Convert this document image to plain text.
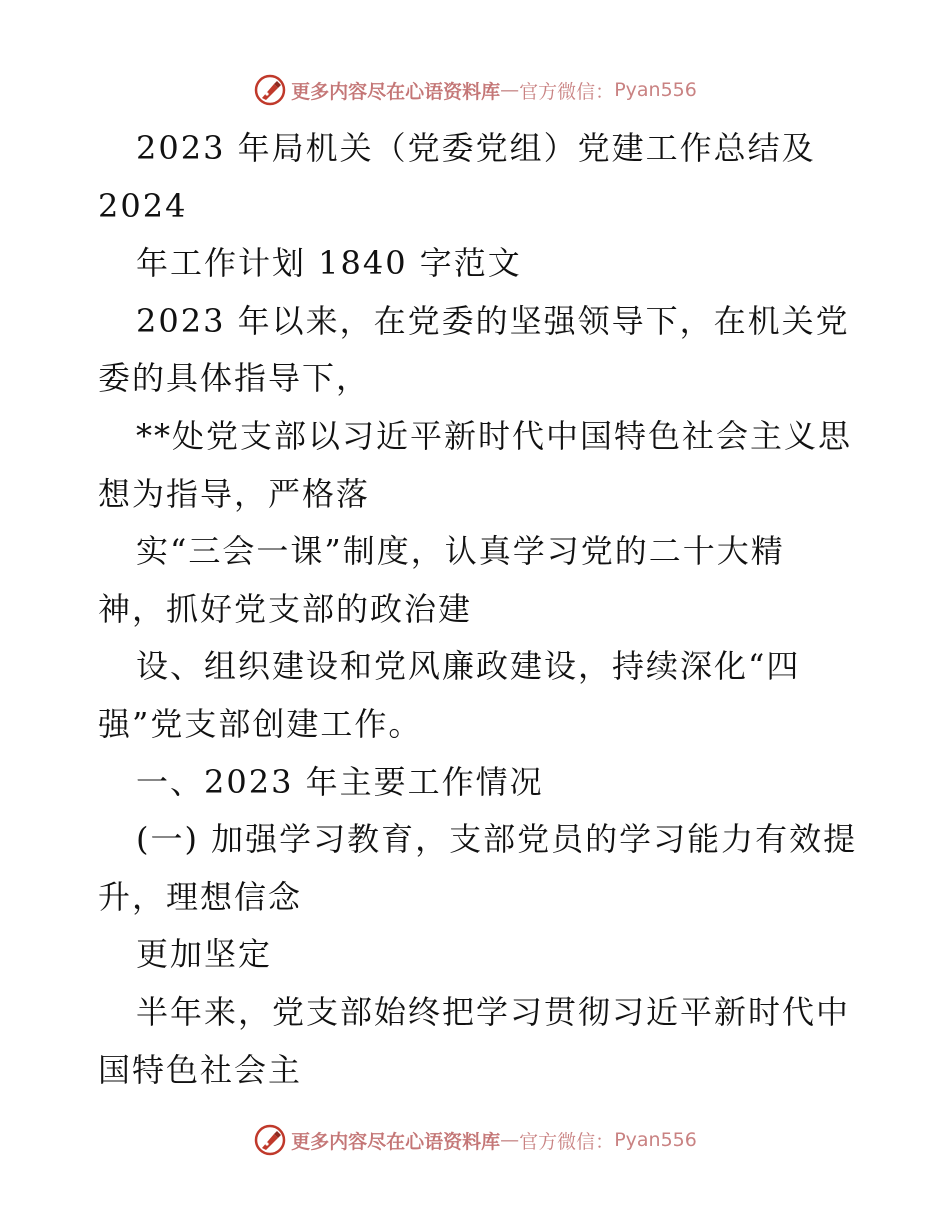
更多内容尽在心语资料库 — 官方微信： Pyan556
2023 年局机关（党委党组）党建工作总结及
2024
年工作计划 1840 字范文
2023 年以来，在党委的坚强领导下，在机关党
委的具体指导下，
**处党支部以习近平新时代中国特色社会主义思
想为指导，严格落
实“三会一课”制度，认真学习党的二十大精
神，抓好党支部的政治建
设、组织建设和党风廉政建设，持续深化“四
强”党支部创建工作。
一、2023 年主要工作情况
(一) 加强学习教育，支部党员的学习能力有效提
升，理想信念
更加坚定
半年来，党支部始终把学习贯彻习近平新时代中
国特色社会主
更多内容尽在心语资料库 — 官方微信： Pyan556
